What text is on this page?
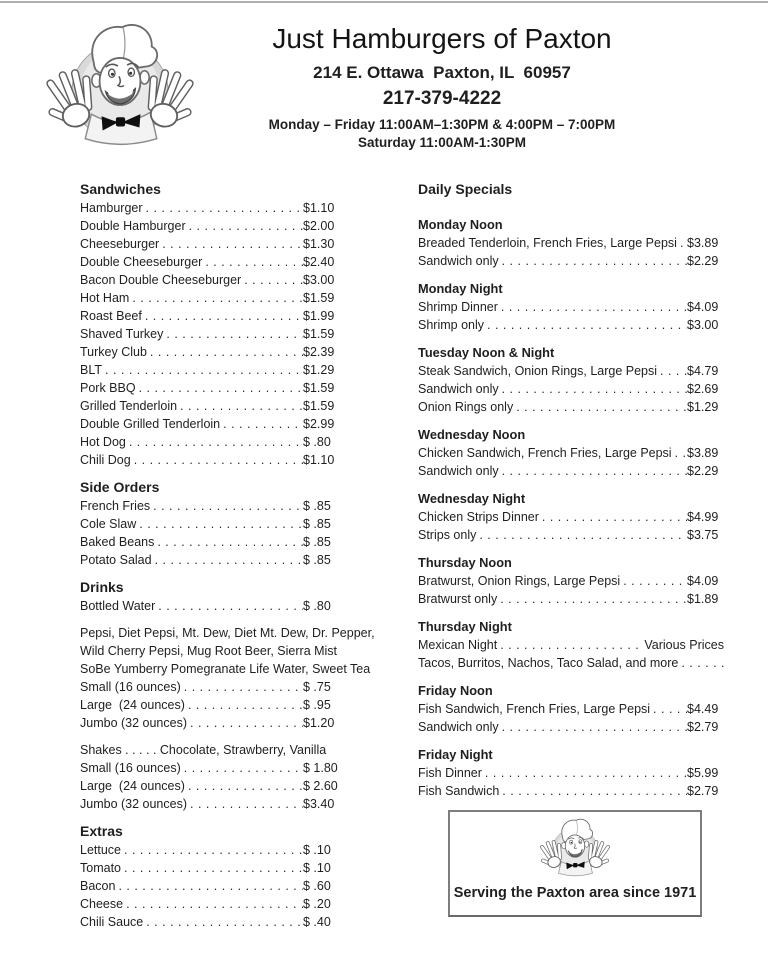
Just Hamburgers of Paxton
214 E. Ottawa  Paxton, IL  60957
217-379-4222
Monday – Friday 11:00AM–1:30PM & 4:00PM – 7:00PM
Saturday 11:00AM-1:30PM
Sandwiches
Hamburger . . .	$1.10
Double Hamburger . . .	$2.00
Cheeseburger . . .	$1.30
Double Cheeseburger . . .	$2.40
Bacon Double Cheeseburger . . .	$3.00
Hot Ham . . .	$1.59
Roast Beef . . .	$1.99
Shaved Turkey . . .	$1.59
Turkey Club . . .	$2.39
BLT . . .	$1.29
Pork BBQ . . .	$1.59
Grilled Tenderloin . . .	$1.59
Double Grilled Tenderloin . . .	$2.99
Hot Dog . . .	$ .80
Chili Dog . . .	$1.10
Side Orders
French Fries . . .	$ .85
Cole Slaw . . .	$ .85
Baked Beans . . .	$ .85
Potato Salad . . .	$ .85
Drinks
Bottled Water . . .	$ .80
Pepsi, Diet Pepsi, Mt. Dew, Diet Mt. Dew, Dr. Pepper,
Wild Cherry Pepsi, Mug Root Beer, Sierra Mist
SoBe Yumberry Pomegranate Life Water, Sweet Tea
Small (16 ounces) . . .	$ .75
Large  (24 ounces) . . .	$ .95
Jumbo (32 ounces) . . .	$1.20
Shakes . . . . . Chocolate, Strawberry, Vanilla
Small (16 ounces) . . .	$ 1.80
Large  (24 ounces) . . .	$ 2.60
Jumbo (32 ounces) . . .	$3.40
Extras
Lettuce . . .	$ .10
Tomato . . .	$ .10
Bacon . . .	$ .60
Cheese . . .	$ .20
Chili Sauce . . .	$ .40
Daily Specials
Monday Noon
Breaded Tenderloin, French Fries, Large Pepsi . . . $3.89
Sandwich only . . .	$2.29
Monday Night
Shrimp Dinner . . .	$4.09
Shrimp only . . .	$3.00
Tuesday Noon & Night
Steak Sandwich, Onion Rings, Large Pepsi . . . $4.79
Sandwich only . . .	$2.69
Onion Rings only . . .	$1.29
Wednesday Noon
Chicken Sandwich, French Fries, Large Pepsi . . . $3.89
Sandwich only . . .	$2.29
Wednesday Night
Chicken Strips Dinner . . .	$4.99
Strips only . . .	$3.75
Thursday Noon
Bratwurst, Onion Rings, Large Pepsi . . .	$4.09
Bratwurst only . . .	$1.89
Thursday Night
Mexican Night . . .	Various Prices
Tacos, Burritos, Nachos, Taco Salad, and more
. . .
Friday Noon
Fish Sandwich, French Fries, Large Pepsi . . .	$4.49
Sandwich only . . .	$2.79
Friday Night
Fish Dinner . . .	$5.99
Fish Sandwich . . .	$2.79
Serving the Paxton area since 1971
